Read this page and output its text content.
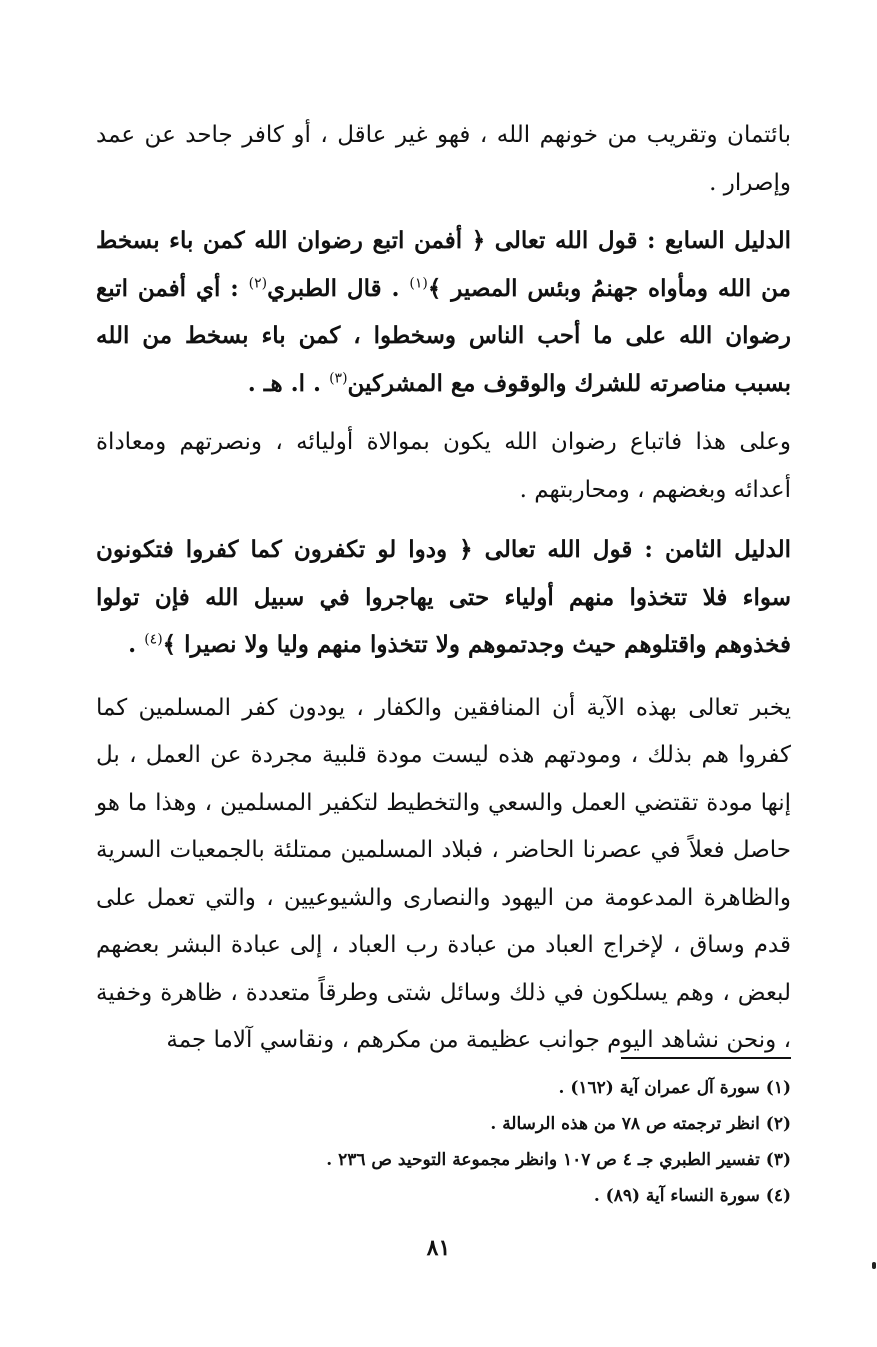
بائتمان وتقريب من خونهم الله ، فهو غير عاقل ، أو كافر جاحد عن عمد وإصرار .

الدليل السابع : قول الله تعالى ﴿ أفمن اتبع رضوان الله كمن باء بسخط من الله ومأواه جهنمُ وبئس المصير ﴾$^{(١)}$ . قال الطبري$^{(٢)}$ : أي أفمن اتبع رضوان الله على ما أحب الناس وسخطوا ، كمن باء بسخط من الله بسبب مناصرته للشرك والوقوف مع المشركين$^{(٣)}$ . ا. هـ .

وعلى هذا فاتباع رضوان الله يكون بموالاة أوليائه ، ونصرتهم ومعاداة أعدائه وبغضهم ، ومحاربتهم .

الدليل الثامن : قول الله تعالى ﴿ ودوا لو تكفرون كما كفروا فتكونون سواء فلا تتخذوا منهم أولياء حتى يهاجروا في سبيل الله فإن تولوا فخذوهم واقتلوهم حيث وجدتموهم ولا تتخذوا منهم وليا ولا نصيرا ﴾$^{(٤)}$ .

يخبر تعالى بهذه الآية أن المنافقين والكفار ، يودون كفر المسلمين كما كفروا هم بذلك ، ومودتهم هذه ليست مودة قلبية مجردة عن العمل ، بل إنها مودة تقتضي العمل والسعي والتخطيط لتكفير المسلمين ، وهذا ما هو حاصل فعلاً في عصرنا الحاضر ، فبلاد المسلمين ممتلئة بالجمعيات السرية والظاهرة المدعومة من اليهود والنصارى والشيوعيين ، والتي تعمل على قدم وساق ، لإخراج العباد من عبادة رب العباد ، إلى عبادة البشر بعضهم لبعض ، وهم يسلكون في ذلك وسائل شتى وطرقاً متعددة ، ظاهرة وخفية ، ونحن نشاهد اليوم جوانب عظيمة من مكرهم ، ونقاسي آلاما جمة

(١) سورة آل عمران آية (١٦٢) .
(٢) انظر ترجمته ص ٧٨ من هذه الرسالة .
(٣) تفسير الطبري جـ ٤ ص ١٠٧ وانظر مجموعة التوحيد ص ٢٣٦ .
(٤) سورة النساء آية (٨٩) .
٨١
